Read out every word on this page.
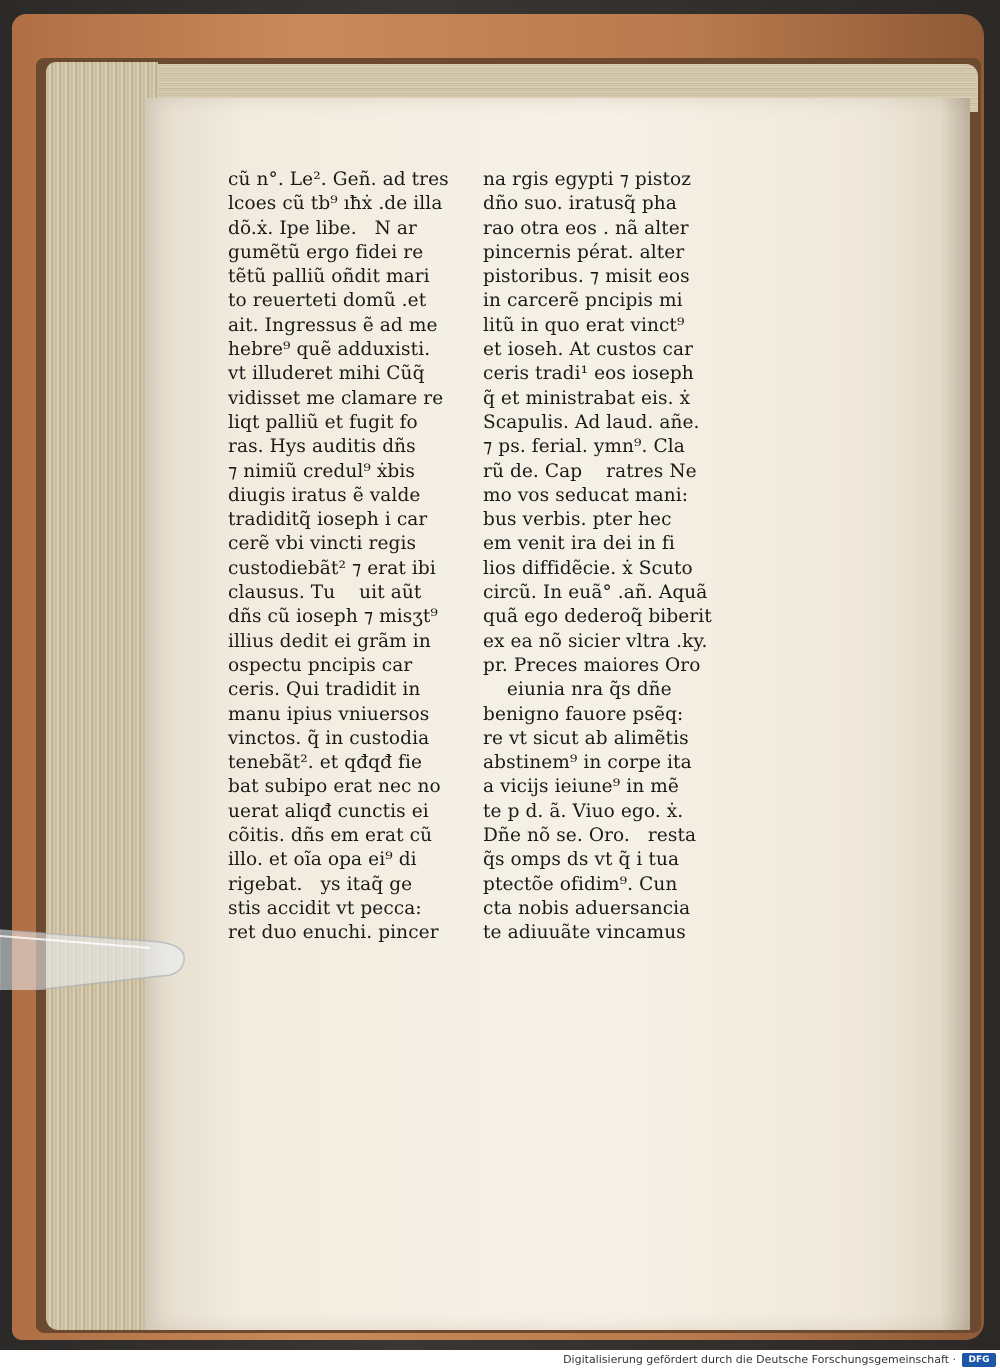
cũ n°. Le². Geñ. ad tres
lcoes cũ tb⁹ ıħẋ .de illa
dõ.ẋ. Ipe libe.   N ar
gumẽtũ ergo fidei re
tẽtũ palliũ oñdit mari
to reuerteti domũ .et
ait. Ingressus ẽ ad me
hebre⁹ quẽ adduxisti.
vt illuderet mihi Cũq̃
vidisset me clamare re
liqt palliũ et fugit fo
ras. Hys auditis dñs
⁊ nimiũ credul⁹ ẋbis
diugis iratus ẽ valde
tradiditq̃ ioseph i car
cerẽ vbi vincti regis
custodiebãt² ⁊ erat ibi
clausus. Tu    uit aũt
dñs cũ ioseph ⁊ misʒt⁹
illius dedit ei grãm in
ospectu pncipis car
ceris. Qui tradidit in
manu ipius vniuersos
vinctos. q̃ in custodia
tenebãt². et qđqđ fie
bat subipo erat nec no
uerat aliqđ cunctis ei
cõitis. dñs em erat cũ
illo. et oĩa opa ei⁹ di
rigebat.   ys itaq̃ ge
stis accidit vt pecca:
ret duo enuchi. pincer
na rgis egypti ⁊ pistoz
dño suo. iratusq̃ pha
rao otra eos . nã alter
pincernis pérat. alter
pistoribus. ⁊ misit eos
in carcerẽ pncipis mi
litũ in quo erat vinct⁹
et ioseh. At custos car
ceris tradi¹ eos ioseph
q̃ et ministrabat eis. ẋ
Scapulis. Ad laud. añe.
⁊ ps. ferial. ymn⁹. Cla
rũ de. Cap    ratres Ne
mo vos seducat mani:
bus verbis. pter hec
em venit ira dei in fi
lios diffidẽcie. ẋ Scuto
circũ. In euã° .añ. Aquã
quã ego dederoq̃ biberit
ex ea nõ sicier vltra .ky.
pr. Preces maiores Oro
eiunia nra q̃s dñe
benigno fauore psẽq:
re vt sicut ab alimẽtis
abstinem⁹ in corpe ita
a vicijs ieiune⁹ in mẽ
te p d. ã. Viuo ego. ẋ.
Dñe nõ se. Oro.   resta
q̃s omps ds vt q̃ i tua
ptectõe ofidim⁹. Cun
cta nobis aduersancia
te adiuuãte vincamus
Digitalisierung gefördert durch die Deutsche Forschungsgemeinschaft ·	DFG
